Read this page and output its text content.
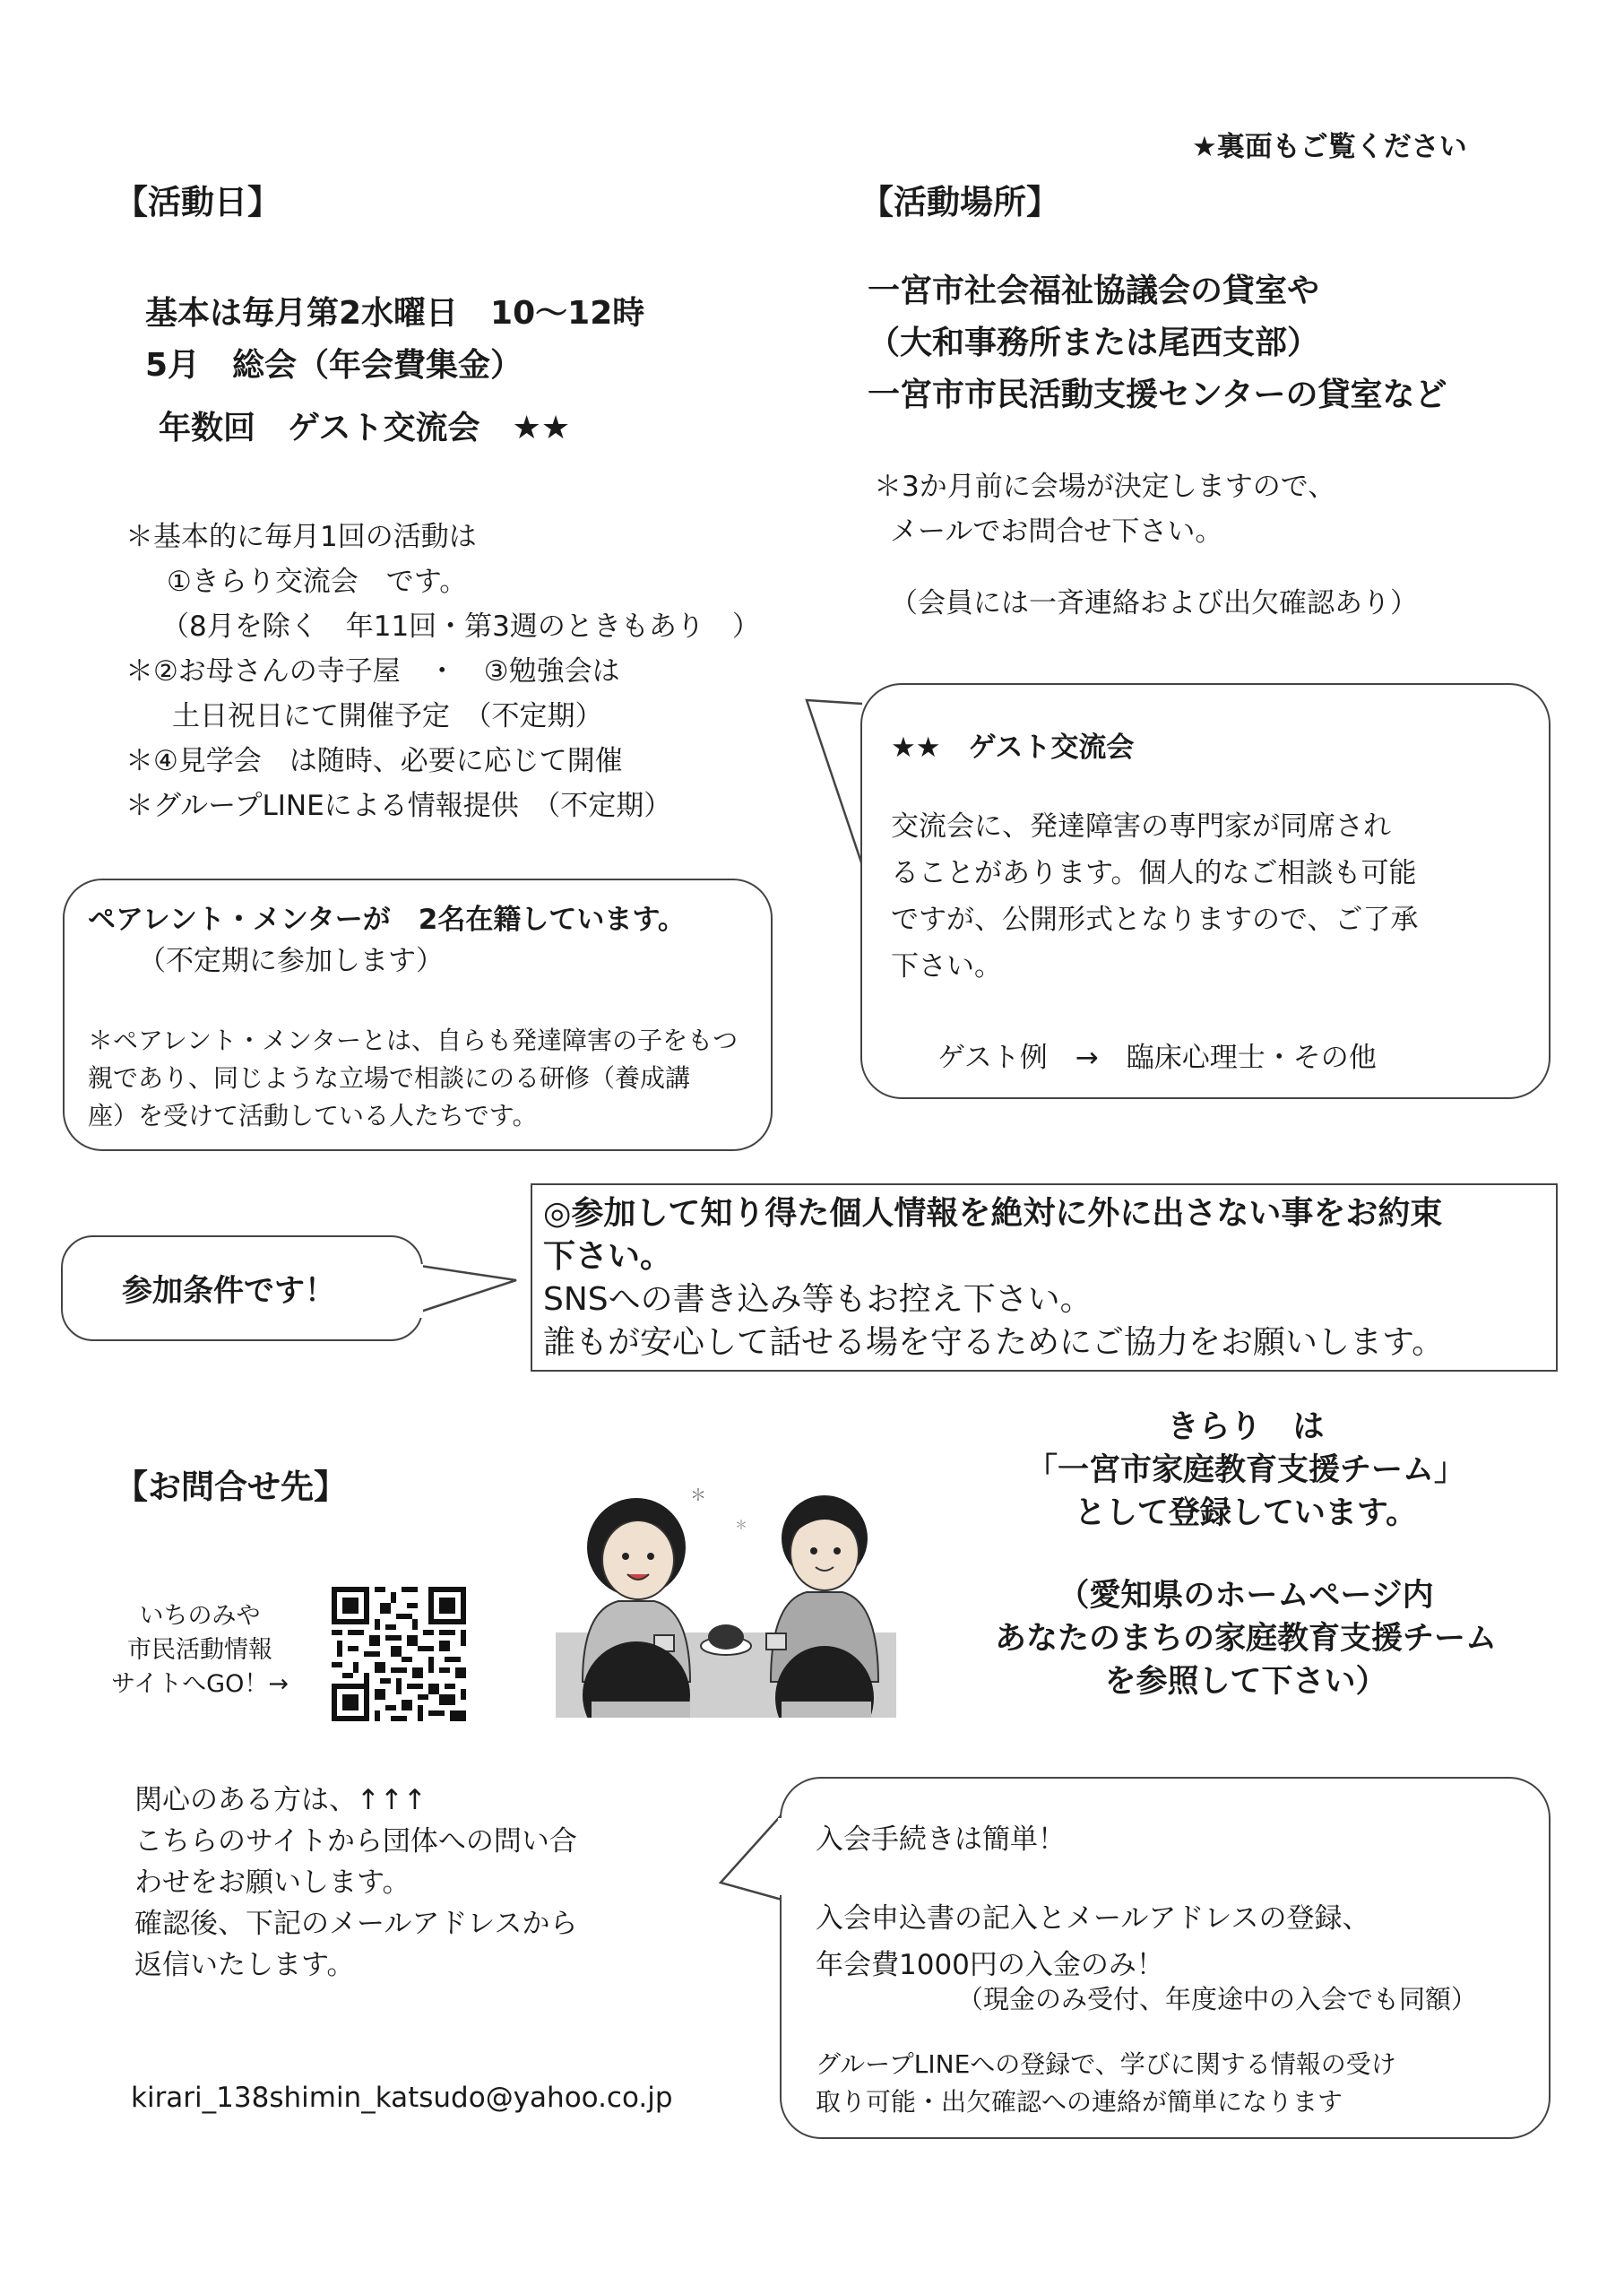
★裏面もご覧ください
【活動日】
基本は毎月第2水曜日　10～12時
5月　総会（年会費集金）
年数回　ゲスト交流会　★★
＊基本的に毎月1回の活動は
①きらり交流会　です。
（8月を除く　年11回・第3週のときもあり　）
＊②お母さんの寺子屋　・　③勉強会は
土日祝日にて開催予定　（不定期）
＊④見学会　は随時、必要に応じて開催
＊グループLINEによる情報提供　（不定期）
【活動場所】
一宮市社会福祉協議会の貸室や
（大和事務所または尾西支部）
一宮市市民活動支援センターの貸室など
＊3か月前に会場が決定しますので、
メールでお問合せ下さい。
（会員には一斉連絡および出欠確認あり）
★★　ゲスト交流会
交流会に、発達障害の専門家が同席され
ることがあります。個人的なご相談も可能
ですが、公開形式となりますので、ご了承
下さい。
ゲスト例　→　臨床心理士・その他
ペアレント・メンターが　2名在籍しています。
（不定期に参加します）
＊ペアレント・メンターとは、自らも発達障害の子をもつ
親であり、同じような立場で相談にのる研修（養成講
座）を受けて活動している人たちです。
参加条件です！
◎参加して知り得た個人情報を絶対に外に出さない事をお約束
下さい。
SNSへの書き込み等もお控え下さい。
誰もが安心して話せる場を守るためにご協力をお願いします。
【お問合せ先】
いちのみや
市民活動情報
サイトへGO！→
＊
＊
きらり　は
「一宮市家庭教育支援チーム」
として登録しています。
（愛知県のホームページ内
あなたのまちの家庭教育支援チーム
を参照して下さい）
関心のある方は、↑↑↑
こちらのサイトから団体への問い合
わせをお願いします。
確認後、下記のメールアドレスから
返信いたします。
kirari_138shimin_katsudo@yahoo.co.jp
入会手続きは簡単！
入会申込書の記入とメールアドレスの登録、
年会費1000円の入金のみ！
（現金のみ受付、年度途中の入会でも同額）
グループLINEへの登録で、学びに関する情報の受け
取り可能・出欠確認への連絡が簡単になります
